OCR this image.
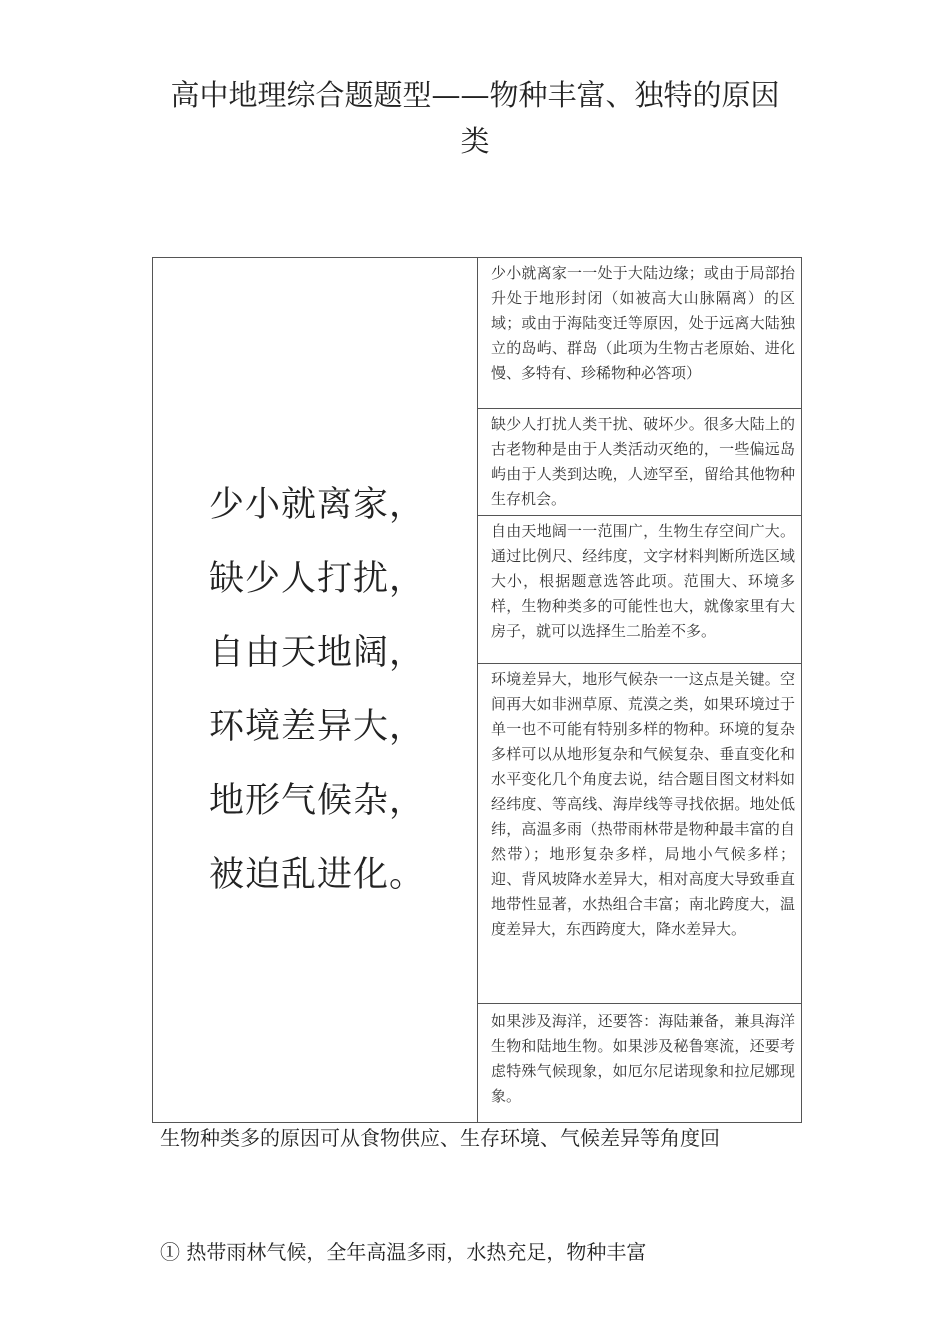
高中地理综合题题型——物种丰富、独特的原因
类
少小就离家，缺少人打扰，自由天地阔，环境差异大，地形气候杂，被迫乱进化。

少小就离家一一处于大陆边缘；或由于局部抬升处于地形封闭（如被高大山脉隔离）的区域；或由于海陆变迁等原因，处于远离大陆独立的岛屿、群岛（此项为生物古老原始、进化慢、多特有、珍稀物种必答项）

缺少人打扰人类干扰、破坏少。很多大陆上的古老物种是由于人类活动灭绝的，一些偏远岛屿由于人类到达晚，人迹罕至，留给其他物种生存机会。

自由天地阔一一范围广，生物生存空间广大。通过比例尺、经纬度，文字材料判断所选区域大小，根据题意选答此项。范围大、环境多样，生物种类多的可能性也大，就像家里有大房子，就可以选择生二胎差不多。

环境差异大，地形气候杂一一这点是关键。空间再大如非洲草原、荒漠之类，如果环境过于单一也不可能有特别多样的物种。环境的复杂多样可以从地形复杂和气候复杂、垂直变化和水平变化几个角度去说，结合题目图文材料如经纬度、等高线、海岸线等寻找依据。地处低纬，高温多雨（热带雨林带是物种最丰富的自然带）；地形复杂多样，局地小气候多样；迎、背风坡降水差异大，相对高度大导致垂直地带性显著，水热组合丰富；南北跨度大，温度差异大，东西跨度大，降水差异大。

如果涉及海洋，还要答：海陆兼备，兼具海洋生物和陆地生物。如果涉及秘鲁寒流，还要考虑特殊气候现象，如厄尔尼诺现象和拉尼娜现象。
生物种类多的原因可从食物供应、生存环境、气候差异等角度回
① 热带雨林气候，全年高温多雨，水热充足，物种丰富
